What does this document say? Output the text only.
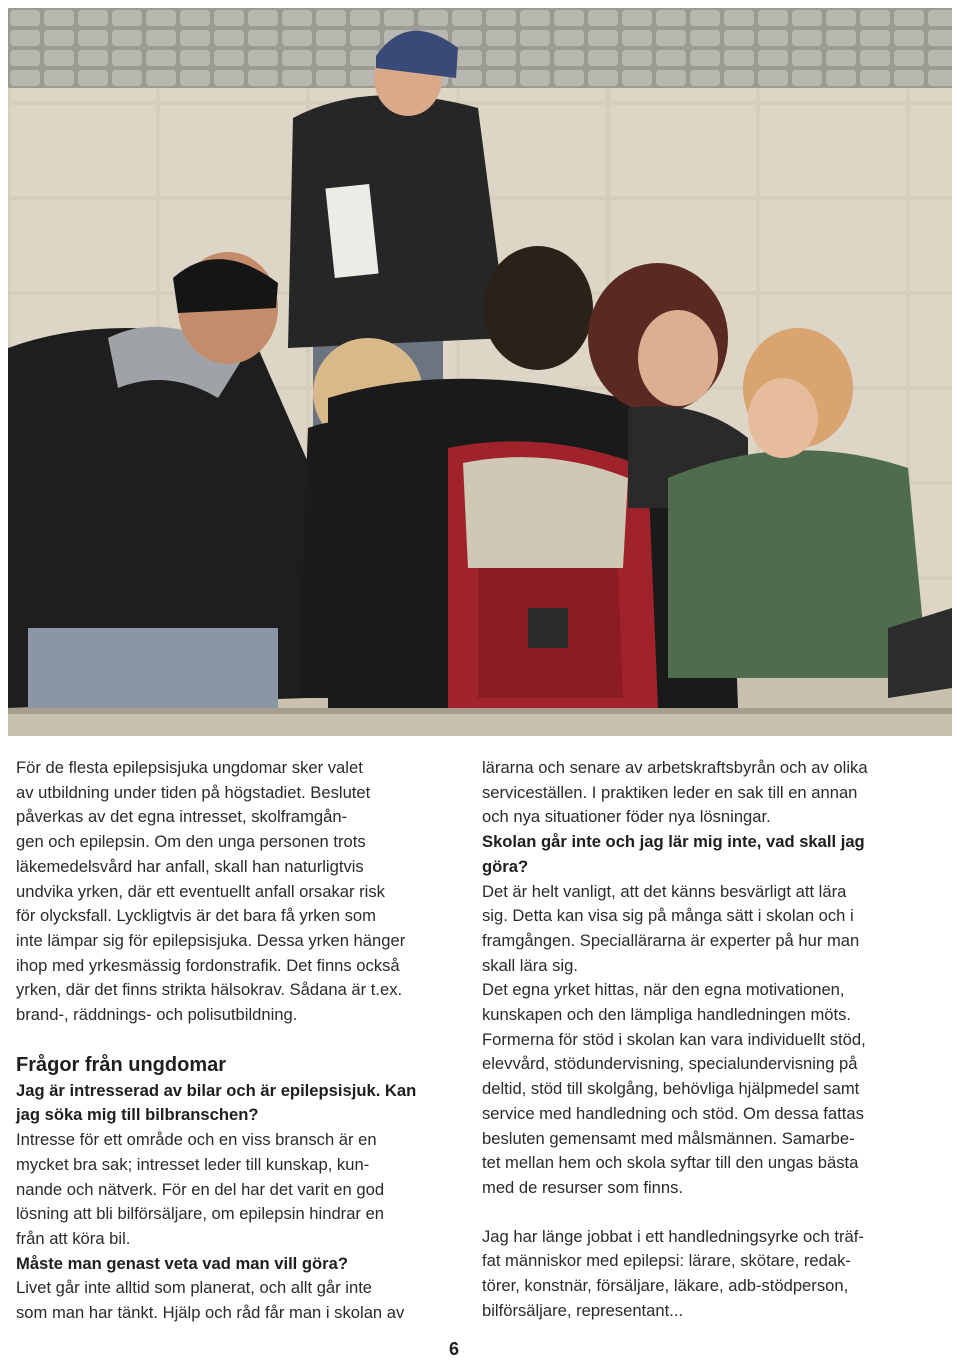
För de flesta epilepsisjuka ungdomar sker valet
av utbildning under tiden på högstadiet. Beslutet
påverkas av det egna intresset, skolframgån-
gen och epilepsin. Om den unga personen trots
läkemedelsvård har anfall, skall han naturligtvis
undvika yrken, där ett eventuellt anfall orsakar risk
för olycksfall. Lyckligtvis är det bara få yrken som
inte lämpar sig för epilepsisjuka. Dessa yrken hänger
ihop med yrkesmässig fordonstrafik. Det finns också
yrken, där det finns strikta hälsokrav. Sådana är t.ex.
brand-, räddnings- och polisutbildning.

Frågor från ungdomar

Jag är intresserad av bilar och är epilepsisjuk. Kan
jag söka mig till bilbranschen?

Intresse för ett område och en viss bransch är en
mycket bra sak; intresset leder till kunskap, kun-
nande och nätverk. För en del har det varit en god
lösning att bli bilförsäljare, om epilepsin hindrar en
från att köra bil.

Måste man genast veta vad man vill göra?

Livet går inte alltid som planerat, och allt går inte
som man har tänkt. Hjälp och råd får man i skolan av

lärarna och senare av arbetskraftsbyrån och av olika
serviceställen. I praktiken leder en sak till en annan
och nya situationer föder nya lösningar.

Skolan går inte och jag lär mig inte, vad skall jag
göra?

Det är helt vanligt, att det känns besvärligt att lära
sig. Detta kan visa sig på många sätt i skolan och i
framgången. Speciallärarna är experter på hur man
skall lära sig.
Det egna yrket hittas, när den egna motivationen,
kunskapen och den lämpliga handledningen möts.
Formerna för stöd i skolan kan vara individuellt stöd,
elevvård, stödundervisning, specialundervisning på
deltid, stöd till skolgång, behövliga hjälpmedel samt
service med handledning och stöd. Om dessa fattas
besluten gemensamt med målsmännen. Samarbe-
tet mellan hem och skola syftar till den ungas bästa
med de resurser som finns.

Jag har länge jobbat i ett handledningsyrke och träf-
fat människor med epilepsi: lärare, skötare, redak-
törer, konstnär, försäljare, läkare, adb-stödperson,
bilförsäljare, representant...

6
